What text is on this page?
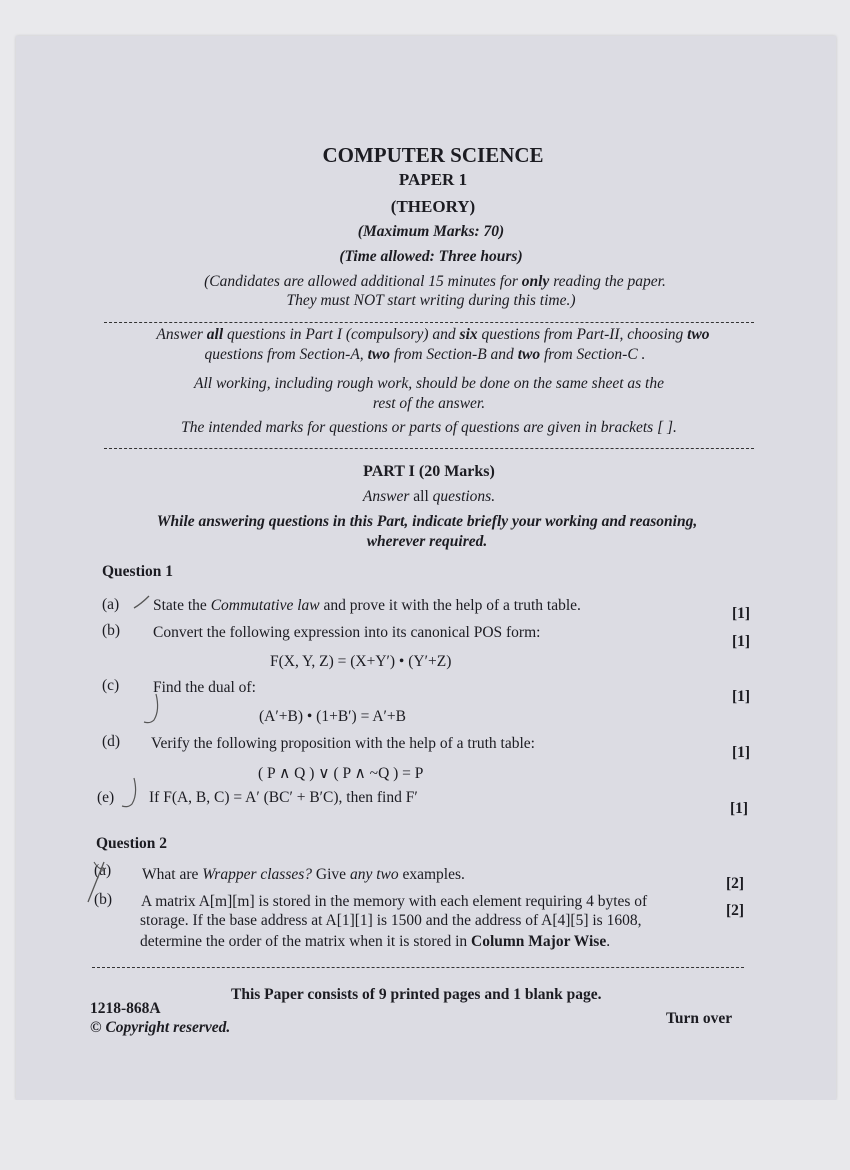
COMPUTER SCIENCE
PAPER 1
(THEORY)
(Maximum Marks: 70)
(Time allowed: Three hours)
(Candidates are allowed additional 15 minutes for only reading the paper.
They must NOT start writing during this time.)
Answer all questions in Part I (compulsory) and six questions from Part-II, choosing two
questions from Section-A, two from Section-B and two from Section-C .
All working, including rough work, should be done on the same sheet as the
rest of the answer.
The intended marks for questions or parts of questions are given in brackets [ ].
PART I (20 Marks)
Answer all questions.
While answering questions in this Part, indicate briefly your working and reasoning,
wherever required.
Question 1
(a) State the Commutative law and prove it with the help of a truth table.	[1]
(b) Convert the following expression into its canonical POS form:
[1]
F(X, Y, Z) = (X+Y′) • (Y′+Z)
(c) Find the dual of:
[1]
(A′+B) • (1+B′) = A′+B
(d) Verify the following proposition with the help of a truth table:
[1]
( P ∧ Q ) ∨ ( P ∧ ~Q ) = P
(e) If F(A, B, C) = A′ (BC′ + B′C), then find F′
[1]
Question 2
(a) What are Wrapper classes? Give any two examples.
[2]
(b) A matrix A[m][m] is stored in the memory with each element requiring 4 bytes of
[2]
storage. If the base address at A[1][1] is 1500 and the address of A[4][5] is 1608,
determine the order of the matrix when it is stored in Column Major Wise.
This Paper consists of 9 printed pages and 1 blank page.
1218-868A
© Copyright reserved.
Turn over
